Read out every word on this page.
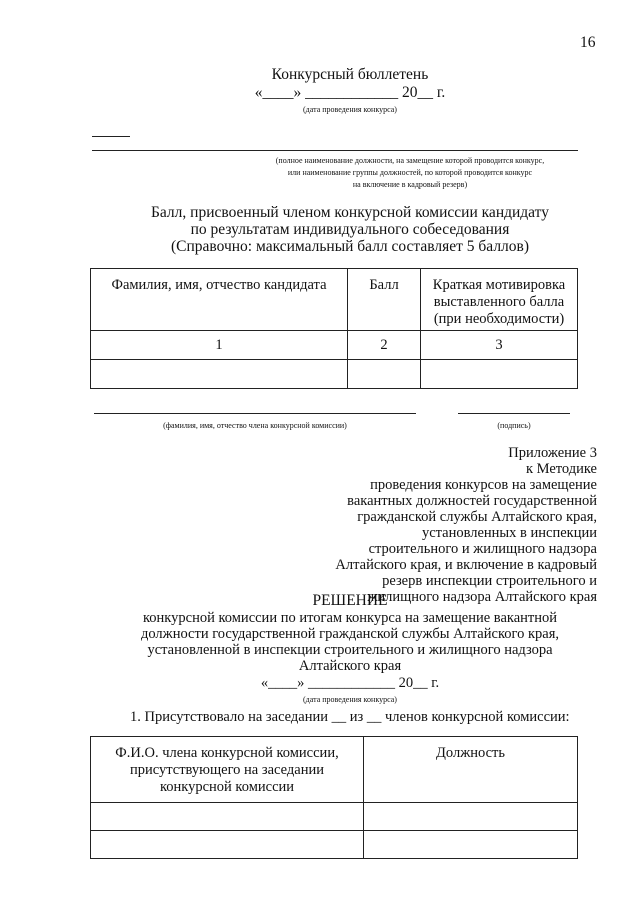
16
Конкурсный бюллетень
«____» ____________ 20__ г.
(дата проведения конкурса)
(полное наименование должности, на замещение которой проводится конкурс,
или наименование группы должностей, по которой проводится конкурс
на включение в кадровый резерв)
Балл, присвоенный членом конкурсной комиссии кандидату
по результатам индивидуального собеседования
(Справочно: максимальный балл составляет 5 баллов)
Фамилия, имя, отчество кандидата	Балл	Краткая мотивировка
выставленного балла
(при необходимости)

1	2	3

(фамилия, имя, отчество члена конкурсной комиссии)	(подпись)
Приложение 3
к Методике
проведения конкурсов на замещение
вакантных должностей государственной
гражданской службы Алтайского края,
установленных в инспекции
строительного и жилищного надзора
Алтайского края, и включение в кадровый
резерв инспекции строительного и
жилищного надзора Алтайского края
РЕШЕНИЕ
конкурсной комиссии по итогам конкурса на замещение вакантной
должности государственной гражданской службы Алтайского края,
установленной в инспекции строительного и жилищного надзора
Алтайского края
«____» ____________ 20__ г.
(дата проведения конкурса)
1. Присутствовало на заседании __ из __ членов конкурсной комиссии:
Ф.И.О. члена конкурсной комиссии,
присутствующего на заседании
конкурсной комиссии	Должность
